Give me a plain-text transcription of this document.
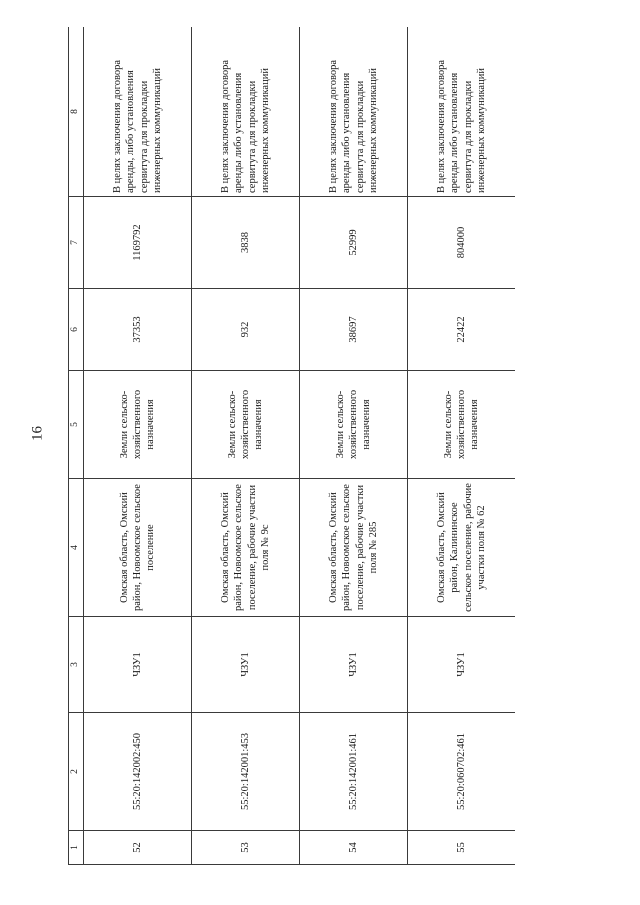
16
1	2	3	4	5	6	7	8
52	55:20:142002:450	ЧЗУ1	Омская область, Омский район, Новоомское сельское поселение	Земли сельско-хозяйственного назначения	37353	1169792	В целях заключения договора аренды, либо установления сервитута для прокладки инженерных коммуникаций
53	55:20:142001:453	ЧЗУ1	Омская область, Омский район, Новоомское сельское поселение, рабочие участки поля № 9с	Земли сельско-хозяйственного назначения	932	3838	В целях заключения договора аренды либо установления сервитута для прокладки инженерных коммуникаций
54	55:20:142001:461	ЧЗУ1	Омская область, Омский район, Новоомское сельское поселение, рабочие участки поля № 285	Земли сельско-хозяйственного назначения	38697	52999	В целях заключения договора аренды либо установления сервитута для прокладки инженерных коммуникаций
55	55:20:060702:461	ЧЗУ1	Омская область, Омский район, Калининское сельское поселение, рабочие участки поля № 62	Земли сельско-хозяйственного назначения	22422	804000	В целях заключения договора аренды либо установления сервитута для прокладки инженерных коммуникаций
